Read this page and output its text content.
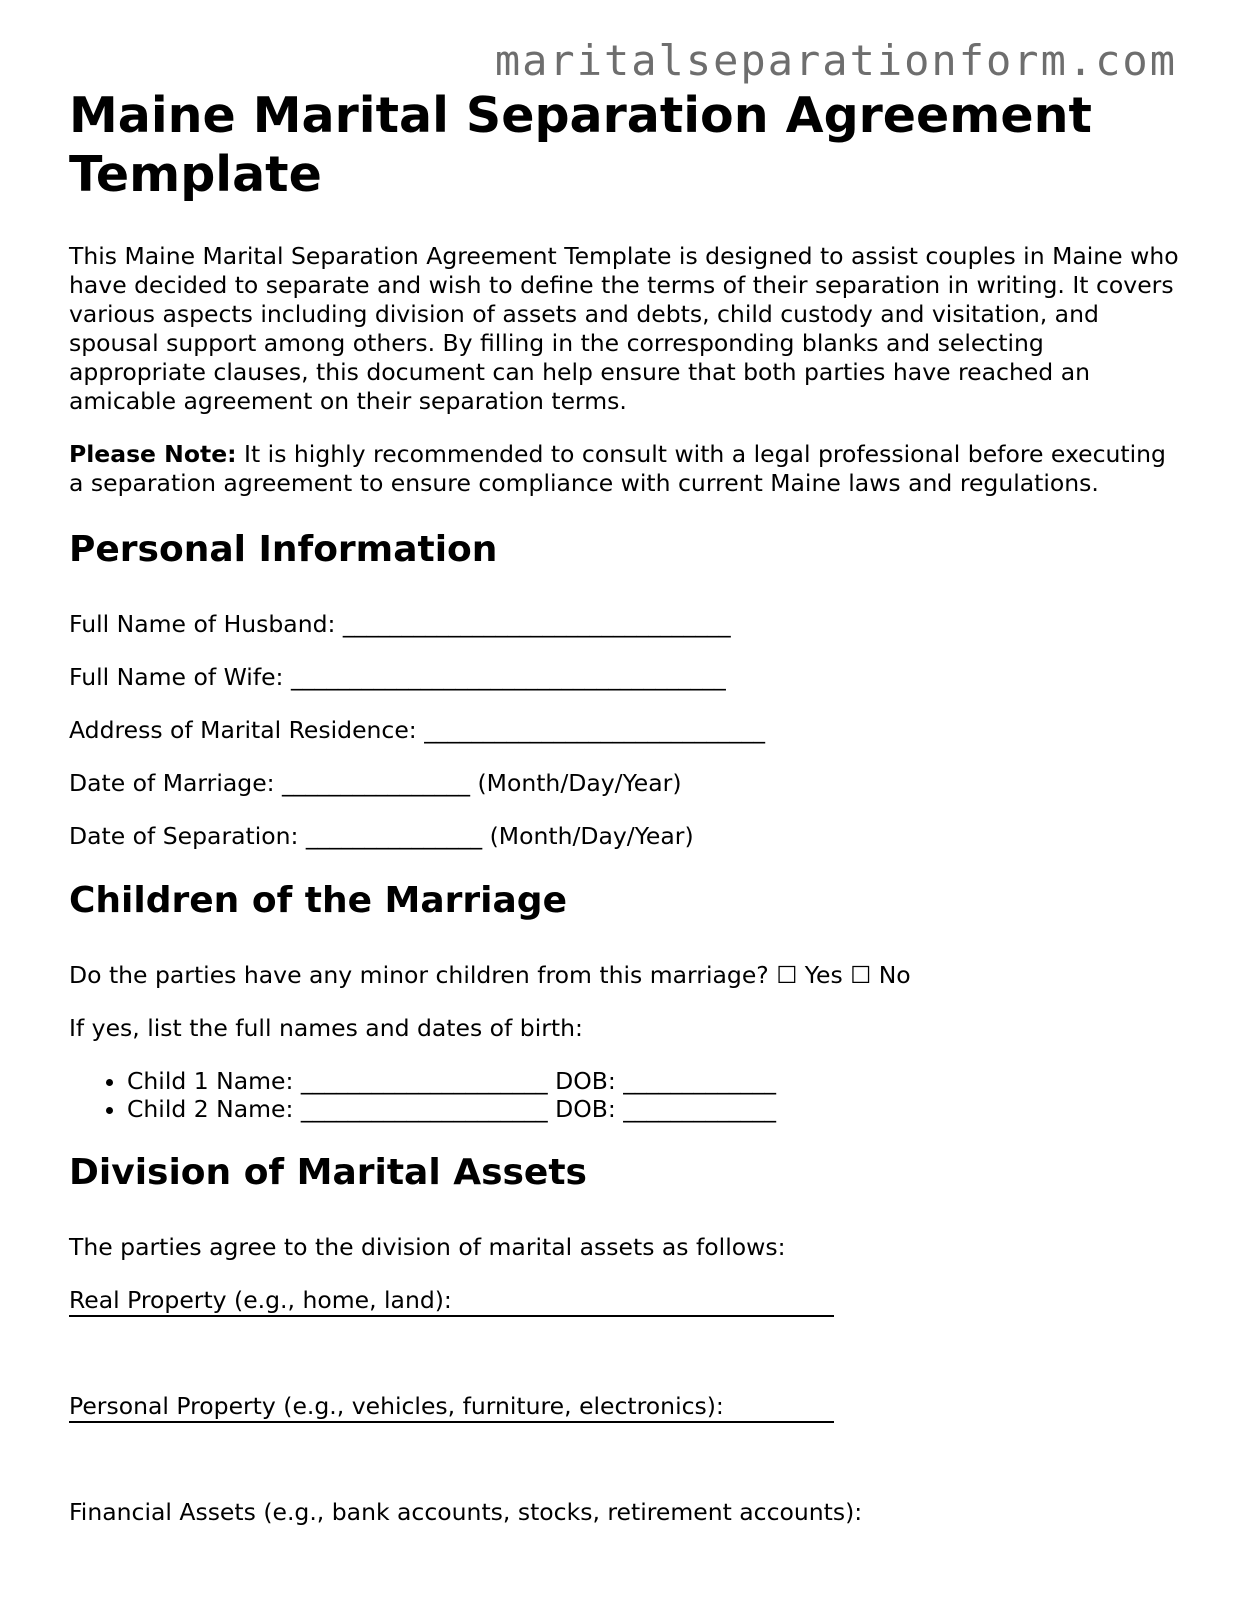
maritalseparationform.com
Maine Marital Separation Agreement Template

This Maine Marital Separation Agreement Template is designed to assist couples in Maine who have decided to separate and wish to define the terms of their separation in writing. It covers various aspects including division of assets and debts, child custody and visitation, and spousal support among others. By filling in the corresponding blanks and selecting appropriate clauses, this document can help ensure that both parties have reached an amicable agreement on their separation terms.

Please Note: It is highly recommended to consult with a legal professional before executing a separation agreement to ensure compliance with current Maine laws and regulations.

Personal Information

Full Name of Husband: _________________________________

Full Name of Wife: _____________________________________

Address of Marital Residence: _____________________________

Date of Marriage: ________________ (Month/Day/Year)

Date of Separation: _______________ (Month/Day/Year)

Children of the Marriage

Do the parties have any minor children from this marriage? ☐ Yes ☐ No

If yes, list the full names and dates of birth:

• Child 1 Name: _____________________ DOB: _____________
• Child 2 Name: _____________________ DOB: _____________
Division of Marital Assets

The parties agree to the division of marital assets as follows:

Real Property (e.g., home, land):

Personal Property (e.g., vehicles, furniture, electronics):

Financial Assets (e.g., bank accounts, stocks, retirement accounts):
